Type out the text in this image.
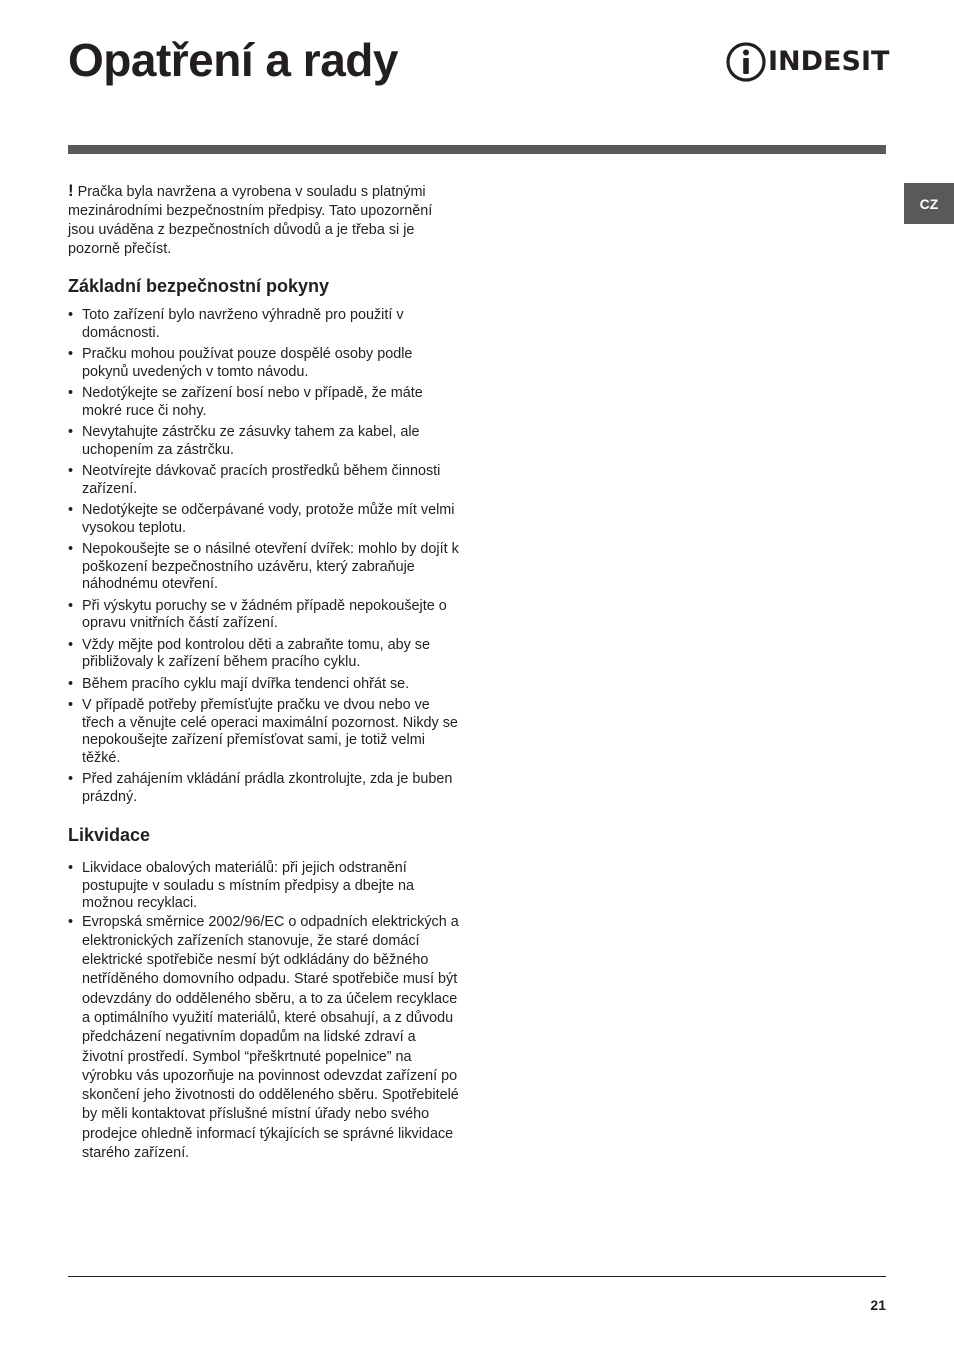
Opatření a rady	INDESIT
CZ

! Pračka byla navržena a vyrobena v souladu s platnými mezinárodními bezpečnostním předpisy. Tato upozornění jsou uváděna z bezpečnostních důvodů a je třeba si je pozorně přečíst.

Základní bezpečnostní pokyny
• Toto zařízení bylo navrženo výhradně pro použití v domácnosti.
• Pračku mohou používat pouze dospělé osoby podle pokynů uvedených v tomto návodu.
• Nedotýkejte se zařízení bosí nebo v případě, že máte mokré ruce či nohy.
• Nevytahujte zástrčku ze zásuvky tahem za kabel, ale uchopením za zástrčku.
• Neotvírejte dávkovač pracích prostředků během činnosti zařízení.
• Nedotýkejte se odčerpávané vody, protože může mít velmi vysokou teplotu.
• Nepokoušejte se o násilné otevření dvířek: mohlo by dojít k poškození bezpečnostního uzávěru, který zabraňuje náhodnému otevření.
• Při výskytu poruchy se v žádném případě nepokoušejte o opravu vnitřních částí zařízení.
• Vždy mějte pod kontrolou děti a zabraňte tomu, aby se přibližovaly k zařízení během pracího cyklu.
• Během pracího cyklu mají dvířka tendenci ohřát se.
• V případě potřeby přemísťujte pračku ve dvou nebo ve třech a věnujte celé operaci maximální pozornost. Nikdy se nepokoušejte zařízení přemísťovat sami, je totiž velmi těžké.
• Před zahájením vkládání prádla zkontrolujte, zda je buben prázdný.
Likvidace
• Likvidace obalových materiálů: při jejich odstranění postupujte v souladu s místním předpisy a dbejte na možnou recyklaci.
• Evropská směrnice 2002/96/EC o odpadních elektrických a elektronických zařízeních stanovuje, že staré domácí elektrické spotřebiče nesmí být odkládány do běžného netříděného domovního odpadu. Staré spotřebiče musí být odevzdány do odděleného sběru, a to za účelem recyklace a optimálního využití materiálů, které obsahují, a z důvodu předcházení negativním dopadům na lidské zdraví a životní prostředí. Symbol “přeškrtnuté popelnice” na výrobku vás upozorňuje na povinnost odevzdat zařízení po skončení jeho životnosti do odděleného sběru. Spotřebitelé by měli kontaktovat příslušné místní úřady nebo svého prodejce ohledně informací týkajících se správné likvidace starého zařízení.
21
